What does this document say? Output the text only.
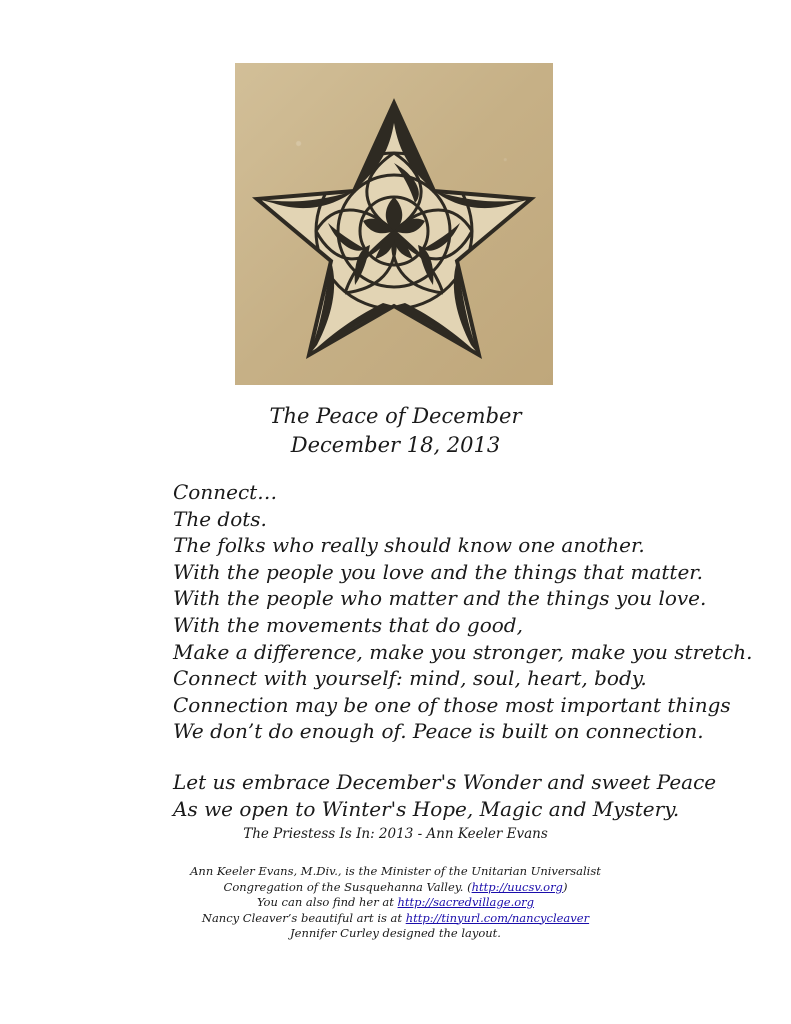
The Peace of December
December 18, 2013
Connect…
The dots.
The folks who really should know one another.
With the people you love and the things that matter.
With the people who matter and the things you love.
With the movements that do good,
Make a difference, make you stronger, make you stretch.
Connect with yourself: mind, soul, heart, body.
Connection may be one of those most important things
We don’t do enough of. Peace is built on connection.
Let us embrace December's Wonder and sweet Peace
As we open to Winter's Hope, Magic and Mystery.
The Priestess Is In: 2013 - Ann Keeler Evans
Ann Keeler Evans, M.Div., is the Minister of the Unitarian Universalist
Congregation of the Susquehanna Valley. (http://uucsv.org)
You can also find her at http://sacredvillage.org
Nancy Cleaver’s beautiful art is at http://tinyurl.com/nancycleaver
Jennifer Curley designed the layout.
